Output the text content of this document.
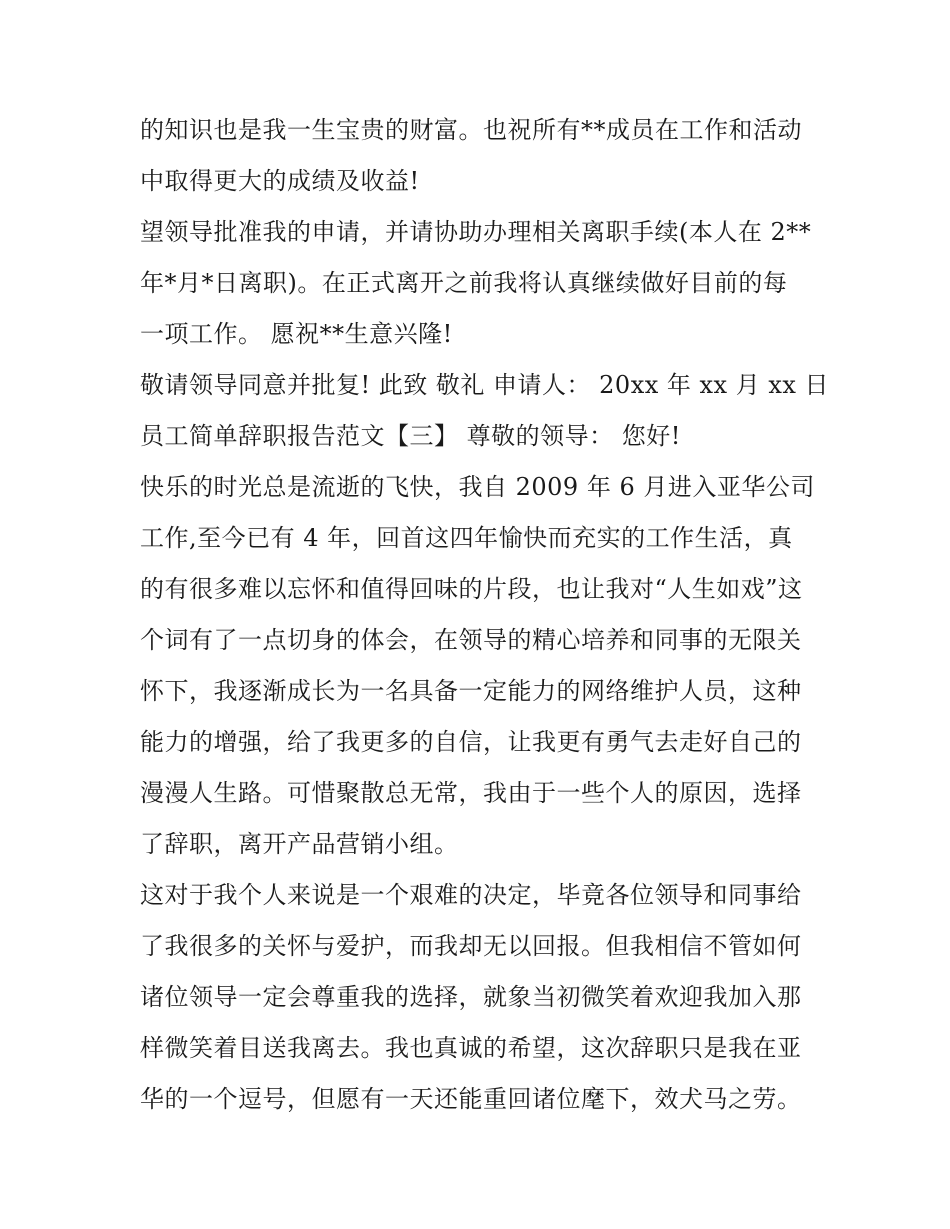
的知识也是我一生宝贵的财富。也祝所有**成员在工作和活动
中取得更大的成绩及收益!
望领导批准我的申请，并请协助办理相关离职手续(本人在 2**
年*月*日离职)。在正式离开之前我将认真继续做好目前的每
一项工作。 愿祝**生意兴隆!
敬请领导同意并批复! 此致 敬礼 申请人： 20xx 年 xx 月 xx 日
员工简单辞职报告范文【三】 尊敬的领导： 您好!
快乐的时光总是流逝的飞快，我自 2009 年 6 月进入亚华公司
工作,至今已有 4 年，回首这四年愉快而充实的工作生活，真
的有很多难以忘怀和值得回味的片段，也让我对“人生如戏”这
个词有了一点切身的体会，在领导的精心培养和同事的无限关
怀下，我逐渐成长为一名具备一定能力的网络维护人员，这种
能力的增强，给了我更多的自信，让我更有勇气去走好自己的
漫漫人生路。可惜聚散总无常，我由于一些个人的原因，选择
了辞职，离开产品营销小组。
这对于我个人来说是一个艰难的决定，毕竟各位领导和同事给
了我很多的关怀与爱护，而我却无以回报。但我相信不管如何
诸位领导一定会尊重我的选择，就象当初微笑着欢迎我加入那
样微笑着目送我离去。我也真诚的希望，这次辞职只是我在亚
华的一个逗号，但愿有一天还能重回诸位麾下，效犬马之劳。
